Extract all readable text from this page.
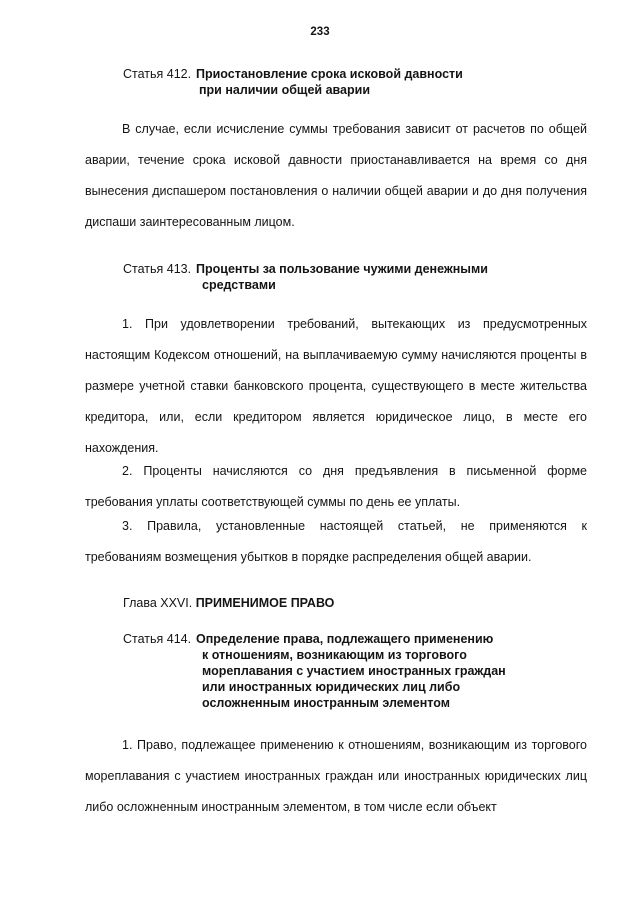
233
Статья 412. Приостановление срока исковой давности
при наличии общей аварии

В случае, если исчисление суммы требования зависит от расчетов по общей аварии, течение срока исковой давности приостанавливается на время со дня вынесения диспашером постановления о наличии общей аварии и до дня получения диспаши заинтересованным лицом.

Статья 413. Проценты за пользование чужими денежными
средствами

1. При удовлетворении требований, вытекающих из предусмотренных настоящим Кодексом отношений, на выплачиваемую сумму начисляются проценты в размере учетной ставки банковского процента, существующего в месте жительства кредитора, или, если кредитором является юридическое лицо, в месте его нахождения.

2. Проценты начисляются со дня предъявления в письменной форме требования уплаты соответствующей суммы по день ее уплаты.

3. Правила, установленные настоящей статьей, не применяются к требованиям возмещения убытков в порядке распределения общей аварии.

Глава XXVI. ПРИМЕНИМОЕ ПРАВО
Статья 414. Определение права, подлежащего применению
к отношениям, возникающим из торгового
мореплавания с участием иностранных граждан
или иностранных юридических лиц либо
осложненным иностранным элементом

1. Право, подлежащее применению к отношениям, возникающим из торгового мореплавания с участием иностранных граждан или иностранных юридических лиц либо осложненным иностранным элементом, в том числе если объект
